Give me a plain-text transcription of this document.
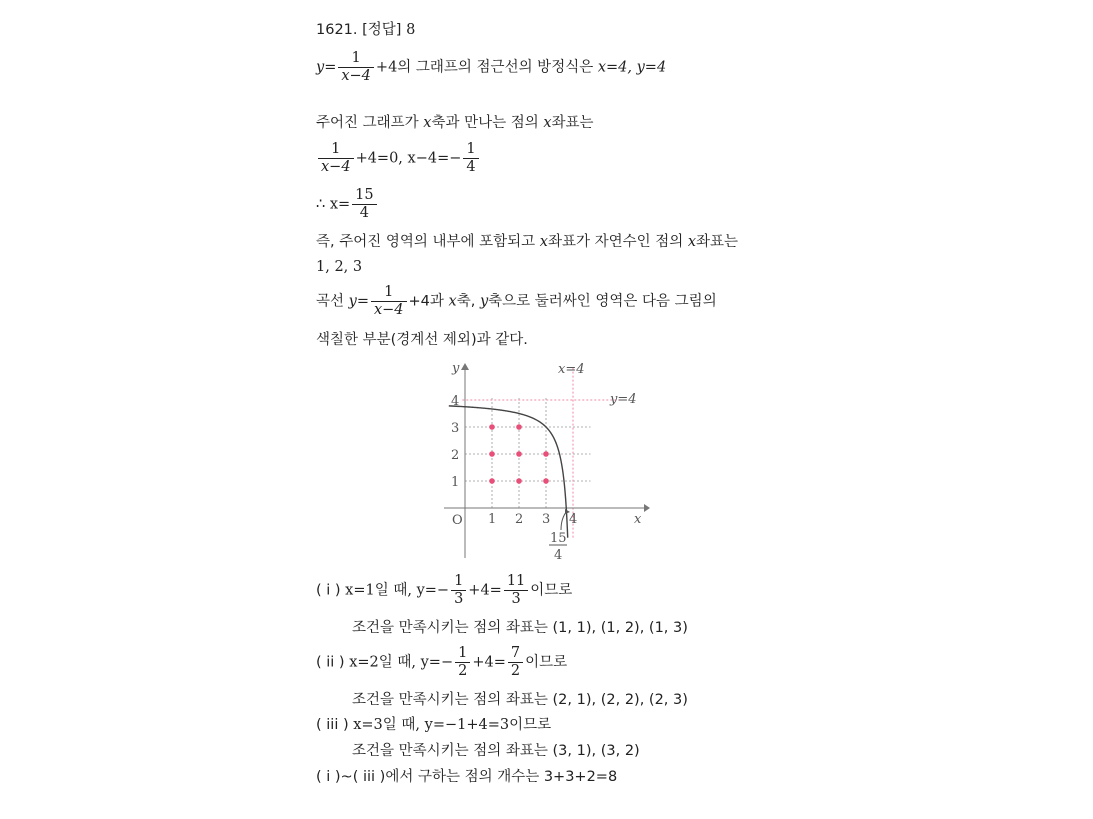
1621. [정답] 8
$y= \frac{1}{x-4} +4$의 그래프의 점근선의 방정식은 x=4, y=4
주어진 그래프가 x축과 만나는 점의 x좌표는
$\frac{1}{x-4} +4=0$, $x-4=- \frac{1}{4}$
∴ $x= \frac{15}{4}$
즉, 주어진 영역의 내부에 포함되고 x좌표가 자연수인 점의 x좌표는
1, 2, 3
곡선 $y= \frac{1}{x-4} +4$과 x축, y축으로 둘러싸인 영역은 다음 그림의
색칠한 부분(경계선 제외)과 같다.
y
x
O
x=4
y=4
15
4
1 2 3 4
1
2
3
4
( i ) x=1일 때, $y=- \frac{1}{3} +4= \frac{11}{3}$ 이므로
조건을 만족시키는 점의 좌표는 (1, 1), (1, 2), (1, 3)
( ii ) x=2일 때, $y=- \frac{1}{2} +4= \frac{7}{2}$ 이므로
조건을 만족시키는 점의 좌표는 (2, 1), (2, 2), (2, 3)
( iii ) x=3일 때, y=−1+4=3이므로
조건을 만족시키는 점의 좌표는 (3, 1), (3, 2)
( i )~( iii )에서 구하는 점의 개수는 3+3+2=8
